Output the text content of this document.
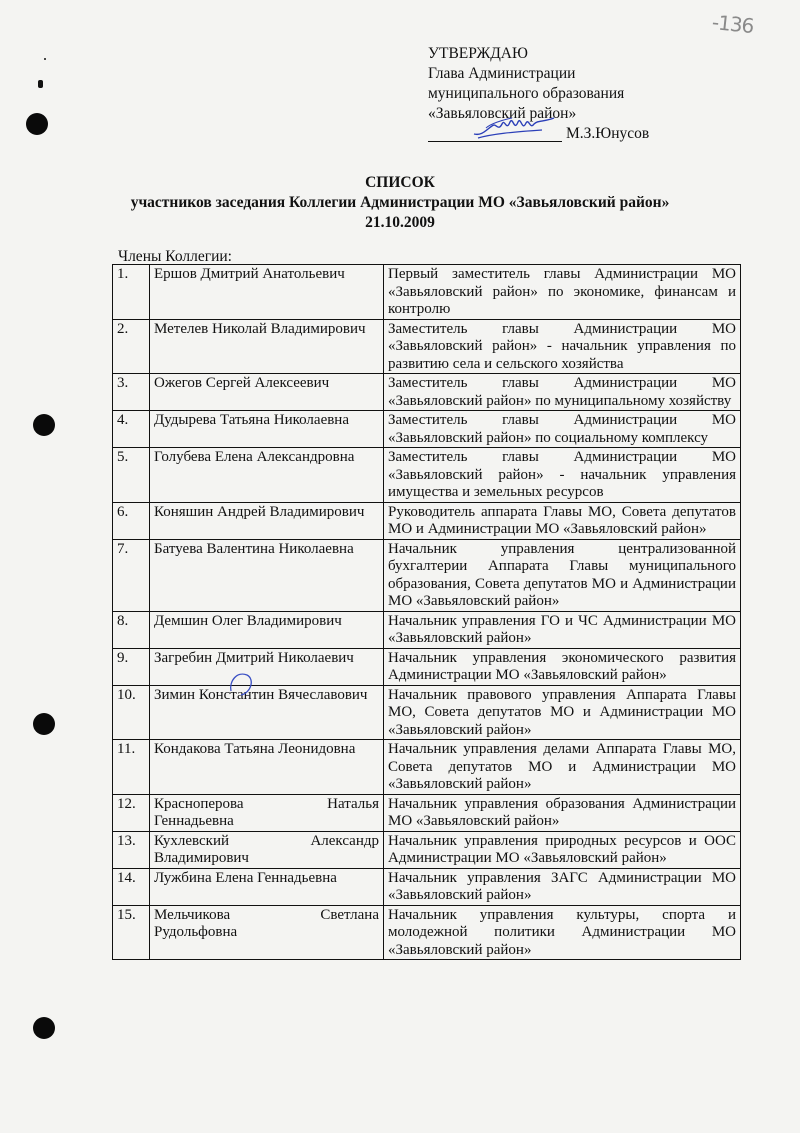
-136
УТВЕРЖДАЮ
Глава Администрации
муниципального образования
«Завьяловский район»
М.З.Юнусов
СПИСОК
участников заседания Коллегии Администрации МО «Завьяловский район»
21.10.2009
Члены Коллегии:
1.	Ершов Дмитрий Анатольевич	Первый заместитель главы Администрации МО «Завьяловский район» по экономике, финансам и контролю
2.	Метелев Николай Владимирович	Заместитель главы Администрации МО «Завьяловский район» - начальник управления по развитию села и сельского хозяйства
3.	Ожегов Сергей Алексеевич	Заместитель главы Администрации МО «Завьяловский район» по муниципальному хозяйству
4.	Дудырева Татьяна Николаевна	Заместитель главы Администрации МО «Завьяловский район» по социальному комплексу
5.	Голубева Елена Александровна	Заместитель главы Администрации МО «Завьяловский район» - начальник управления имущества и земельных ресурсов
6.	Коняшин Андрей Владимирович	Руководитель аппарата Главы МО, Совета депутатов МО и Администрации МО «Завьяловский район»
7.	Батуева Валентина Николаевна	Начальник управления централизованной бухгалтерии Аппарата Главы муниципального образования, Совета депутатов МО и Администрации МО «Завьяловский район»
8.	Демшин Олег Владимирович	Начальник управления ГО и ЧС Администрации МО «Завьяловский район»
9.	Загребин Дмитрий Николаевич	Начальник управления экономического развития Администрации МО «Завьяловский район»
10.	Зимин Константин Вячеславович	Начальник правового управления Аппарата Главы МО, Совета депутатов МО и Администрации МО «Завьяловский район»
11.	Кондакова Татьяна Леонидовна	Начальник управления делами Аппарата Главы МО, Совета депутатов МО и Администрации МО «Завьяловский район»
12.	Красноперова Наталья Геннадьевна	Начальник управления образования Администрации МО «Завьяловский район»
13.	Кухлевский Александр Владимирович	Начальник управления природных ресурсов и ООС Администрации МО «Завьяловский район»
14.	Лужбина Елена Геннадьевна	Начальник управления ЗАГС Администрации МО «Завьяловский район»
15.	Мельчикова Светлана Рудольфовна	Начальник управления культуры, спорта и молодежной политики Администрации МО «Завьяловский район»
